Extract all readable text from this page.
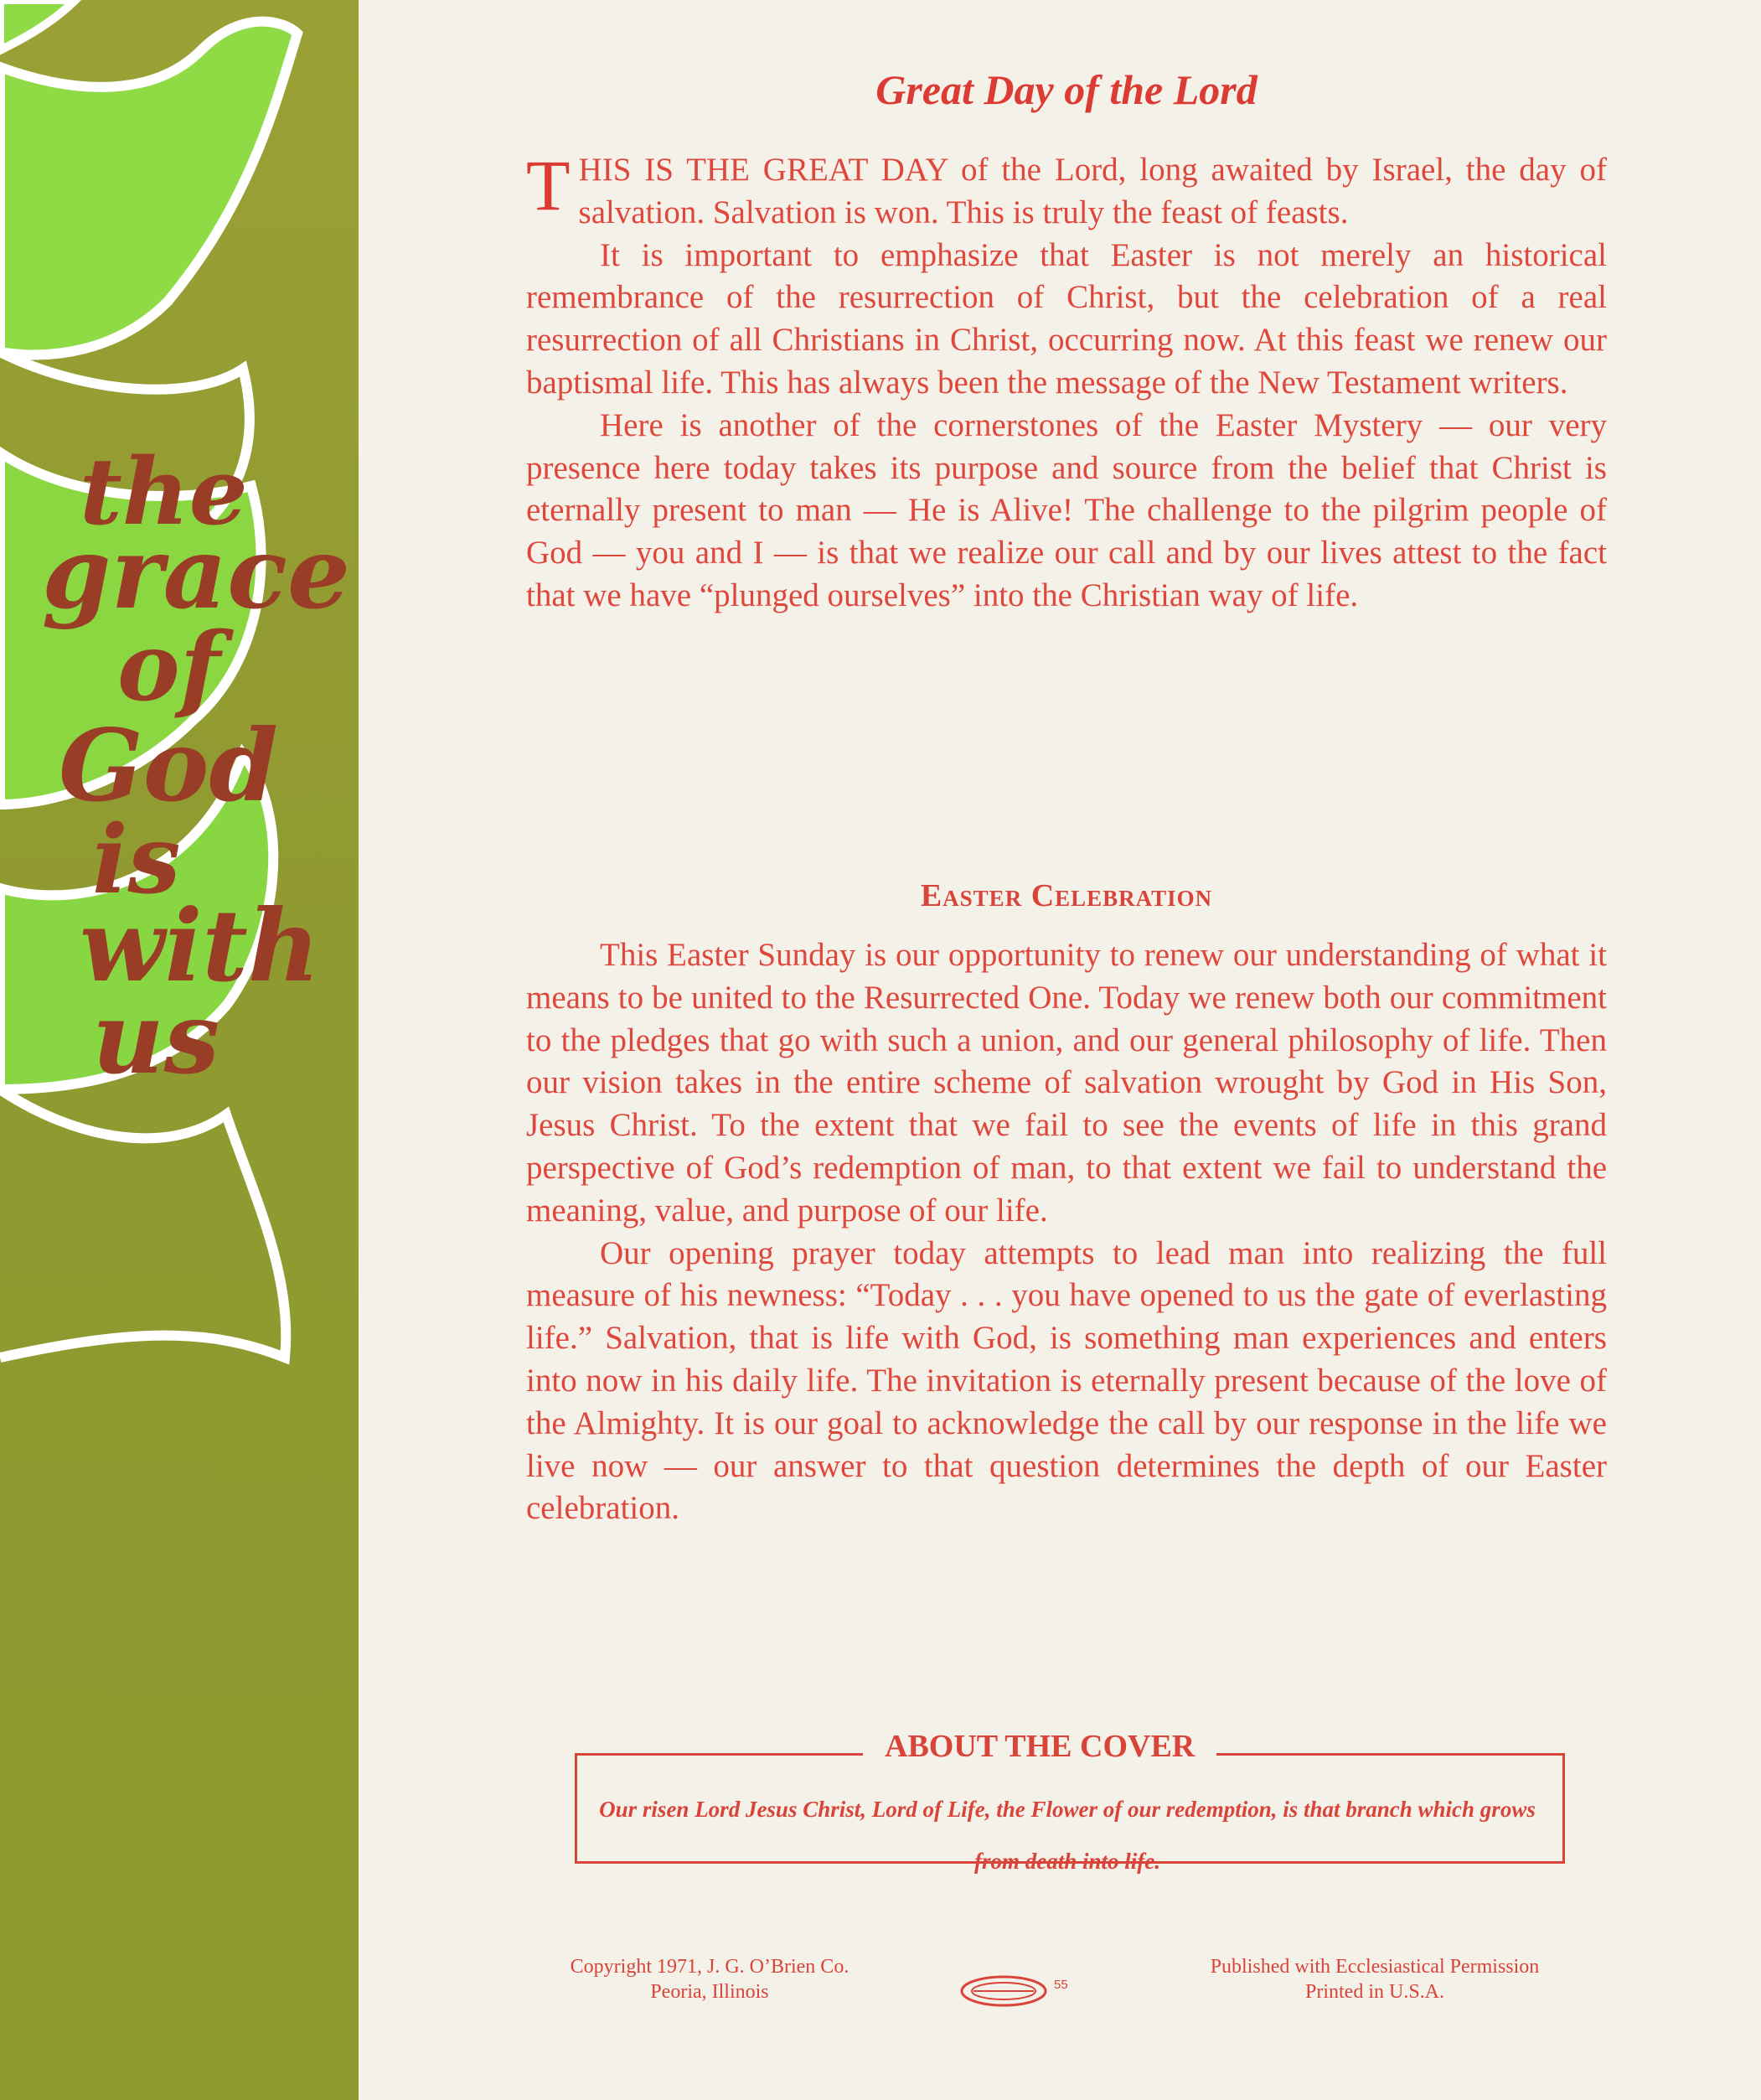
the
grace
of
God
is
with
us
Great Day of the Lord

THIS IS THE GREAT DAY of the Lord, long awaited by Israel, the day of salvation. Salvation is won. This is truly the feast of feasts.

It is important to emphasize that Easter is not merely an historical remembrance of the resurrection of Christ, but the celebration of a real resurrection of all Christians in Christ, occurring now. At this feast we renew our baptismal life. This has always been the message of the New Testament writers.

Here is another of the cornerstones of the Easter Mystery — our very presence here today takes its purpose and source from the belief that Christ is eternally present to man — He is Alive! The challenge to the pilgrim people of God — you and I — is that we realize our call and by our lives attest to the fact that we have “plunged ourselves” into the Christian way of life.

Easter Celebration

This Easter Sunday is our opportunity to renew our understanding of what it means to be united to the Resurrected One. Today we renew both our commitment to the pledges that go with such a union, and our general philosophy of life. Then our vision takes in the entire scheme of salvation wrought by God in His Son, Jesus Christ. To the extent that we fail to see the events of life in this grand perspective of God’s redemption of man, to that extent we fail to understand the meaning, value, and purpose of our life.

Our opening prayer today attempts to lead man into realizing the full measure of his newness: “Today . . . you have opened to us the gate of everlasting life.” Salvation, that is life with God, is something man experiences and enters into now in his daily life. The invitation is eternally present because of the love of the Almighty. It is our goal to acknowledge the call by our response in the life we live now — our answer to that question determines the depth of our Easter celebration.

ABOUT THE COVER

Our risen Lord Jesus Christ, Lord of Life, the Flower of our redemption, is that branch which grows from death into life.

Copyright 1971, J. G. O’Brien Co.
Peoria, Illinois	55
Published with Ecclesiastical Permission
Printed in U.S.A.
